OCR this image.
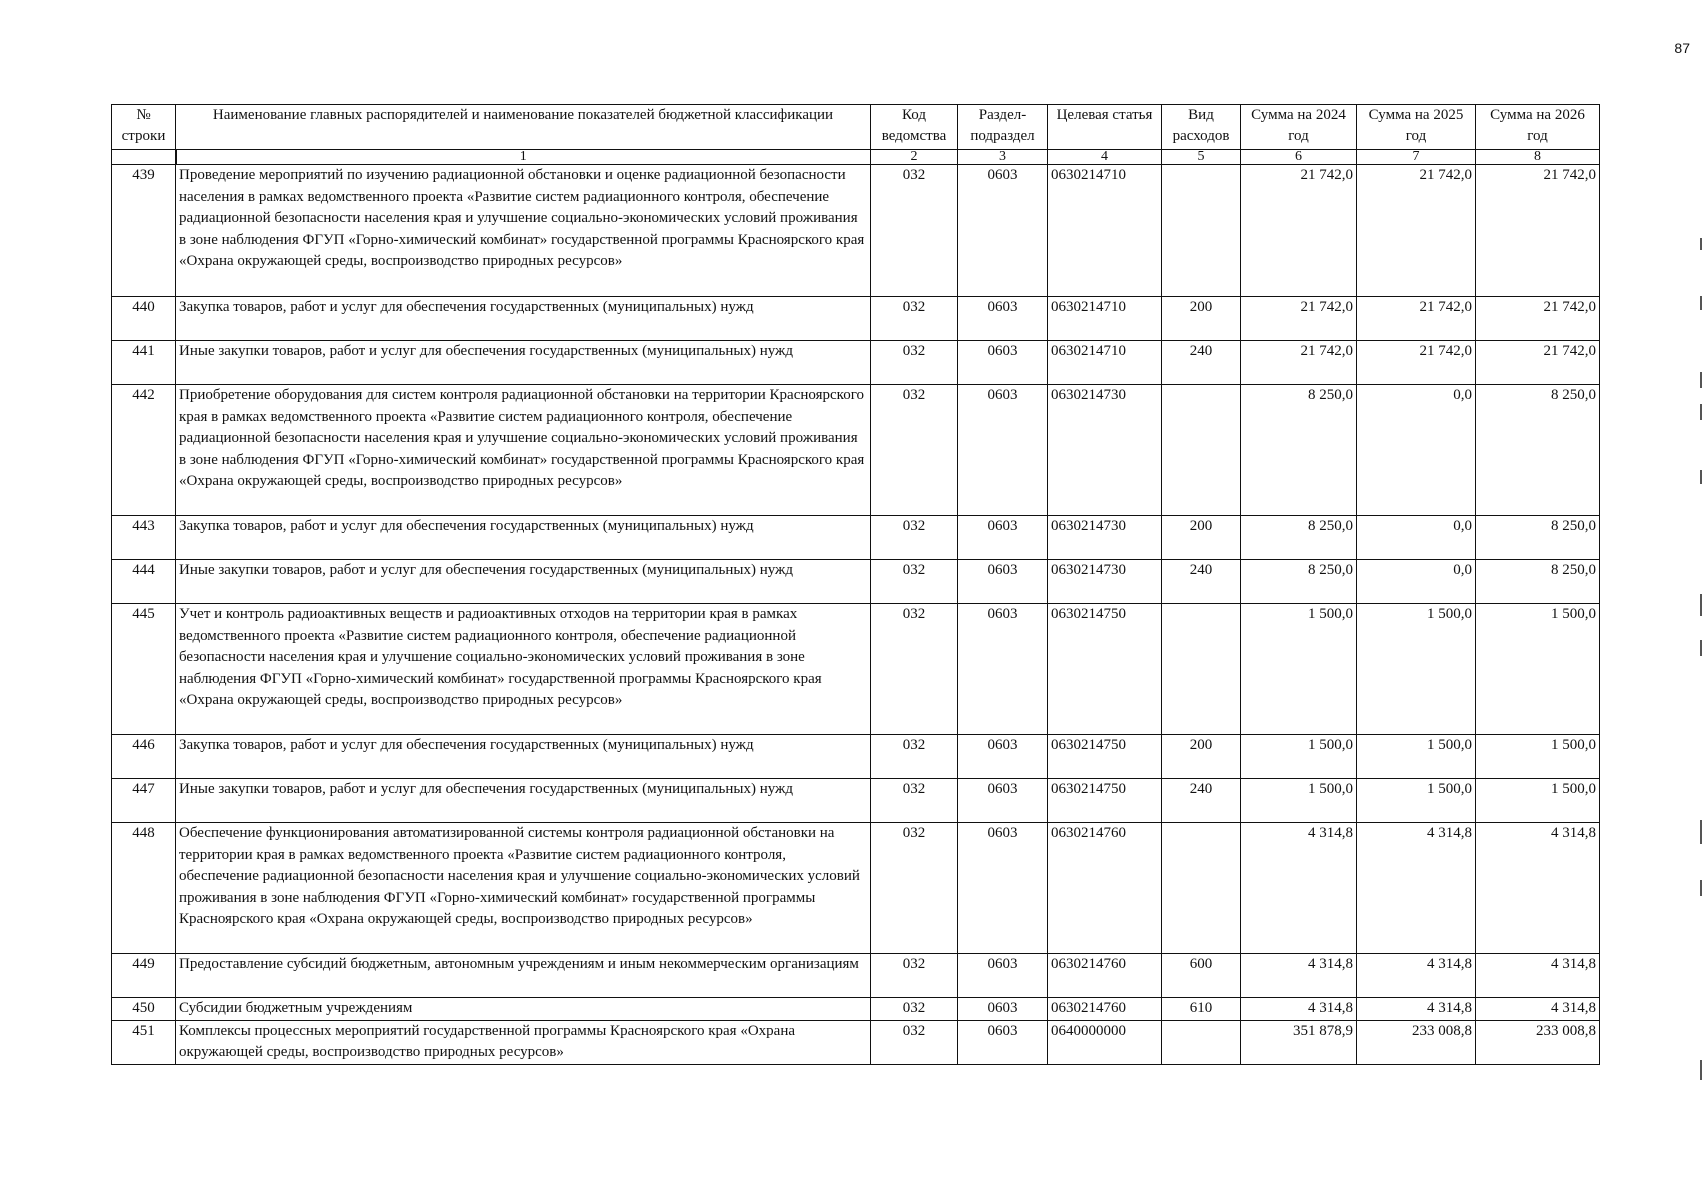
87
№ строки	Наименование главных распорядителей и наименование показателей бюджетной классификации	Код ведомства	Раздел-подраздел	Целевая статья	Вид расходов	Сумма на 2024 год	Сумма на 2025 год	Сумма на 2026 год
	1	2	3	4	5	6	7	8
439	Проведение мероприятий по изучению радиационной обстановки и оценке радиационной безопасности населения в рамках ведомственного проекта «Развитие систем радиационного контроля, обеспечение радиационной безопасности населения края и улучшение социально-экономических условий проживания в зоне наблюдения ФГУП «Горно-химический комбинат» государственной программы Красноярского края «Охрана окружающей среды, воспроизводство природных ресурсов»	032	0603	0630214710		21 742,0	21 742,0	21 742,0
440	Закупка товаров, работ и услуг для обеспечения государственных (муниципальных) нужд	032	0603	0630214710	200	21 742,0	21 742,0	21 742,0
441	Иные закупки товаров, работ и услуг для обеспечения государственных (муниципальных) нужд	032	0603	0630214710	240	21 742,0	21 742,0	21 742,0
442	Приобретение оборудования для систем контроля радиационной обстановки на территории Красноярского края в рамках ведомственного проекта «Развитие систем радиационного контроля, обеспечение радиационной безопасности населения края и улучшение социально-экономических условий проживания в зоне наблюдения ФГУП «Горно-химический комбинат» государственной программы Красноярского края «Охрана окружающей среды, воспроизводство природных ресурсов»	032	0603	0630214730		8 250,0	0,0	8 250,0
443	Закупка товаров, работ и услуг для обеспечения государственных (муниципальных) нужд	032	0603	0630214730	200	8 250,0	0,0	8 250,0
444	Иные закупки товаров, работ и услуг для обеспечения государственных (муниципальных) нужд	032	0603	0630214730	240	8 250,0	0,0	8 250,0
445	Учет и контроль радиоактивных веществ и радиоактивных отходов на территории края в рамках ведомственного проекта «Развитие систем радиационного контроля, обеспечение радиационной безопасности населения края и улучшение социально-экономических условий проживания в зоне наблюдения ФГУП «Горно-химический комбинат» государственной программы Красноярского края «Охрана окружающей среды, воспроизводство природных ресурсов»	032	0603	0630214750		1 500,0	1 500,0	1 500,0
446	Закупка товаров, работ и услуг для обеспечения государственных (муниципальных) нужд	032	0603	0630214750	200	1 500,0	1 500,0	1 500,0
447	Иные закупки товаров, работ и услуг для обеспечения государственных (муниципальных) нужд	032	0603	0630214750	240	1 500,0	1 500,0	1 500,0
448	Обеспечение функционирования автоматизированной системы контроля радиационной обстановки на территории края в рамках ведомственного проекта «Развитие систем радиационного контроля, обеспечение радиационной безопасности населения края и улучшение социально-экономических условий проживания в зоне наблюдения ФГУП «Горно-химический комбинат» государственной программы Красноярского края «Охрана окружающей среды, воспроизводство природных ресурсов»	032	0603	0630214760		4 314,8	4 314,8	4 314,8
449	Предоставление субсидий бюджетным, автономным учреждениям и иным некоммерческим организациям	032	0603	0630214760	600	4 314,8	4 314,8	4 314,8
450	Субсидии бюджетным учреждениям	032	0603	0630214760	610	4 314,8	4 314,8	4 314,8
451	Комплексы процессных мероприятий государственной программы Красноярского края «Охрана окружающей среды, воспроизводство природных ресурсов»	032	0603	0640000000		351 878,9	233 008,8	233 008,8
